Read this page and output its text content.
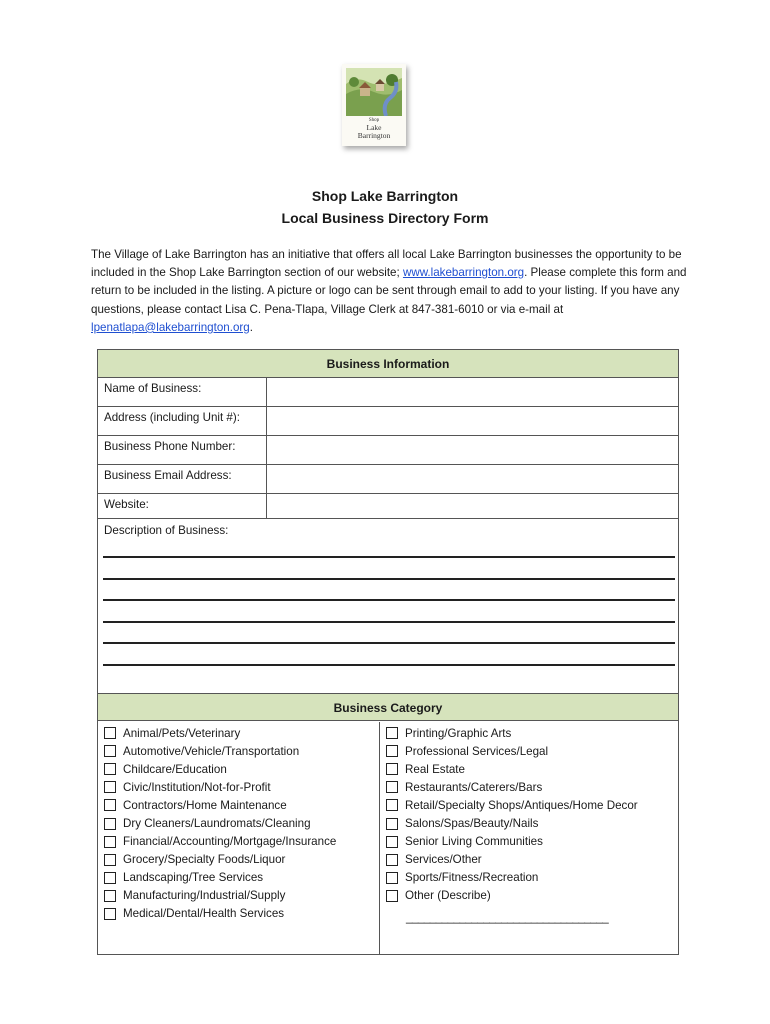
Shop
Lake
Barrington
Shop Lake Barrington
Local Business Directory Form
The Village of Lake Barrington has an initiative that offers all local Lake Barrington businesses the opportunity to be included in the Shop Lake Barrington section of our website; www.lakebarrington.org. Please complete this form and return to be included in the listing. A picture or logo can be sent through email to add to your listing. If you have any questions, please contact Lisa C. Pena-Tlapa, Village Clerk at 847-381-6010 or via e-mail at lpenatlapa@lakebarrington.org.
Business Information
Name of Business:
Address (including Unit #):
Business Phone Number:
Business Email Address:
Website:
Description of Business:
Business Category
Animal/Pets/Veterinary
Automotive/Vehicle/Transportation
Childcare/Education
Civic/Institution/Not-for-Profit
Contractors/Home Maintenance
Dry Cleaners/Laundromats/Cleaning
Financial/Accounting/Mortgage/Insurance
Grocery/Specialty Foods/Liquor
Landscaping/Tree Services
Manufacturing/Industrial/Supply
Medical/Dental/Health Services
Printing/Graphic Arts
Professional Services/Legal
Real Estate
Restaurants/Caterers/Bars
Retail/Specialty Shops/Antiques/Home Decor
Salons/Spas/Beauty/Nails
Senior Living Communities
Services/Other
Sports/Fitness/Recreation
Other (Describe)
__________________________________
